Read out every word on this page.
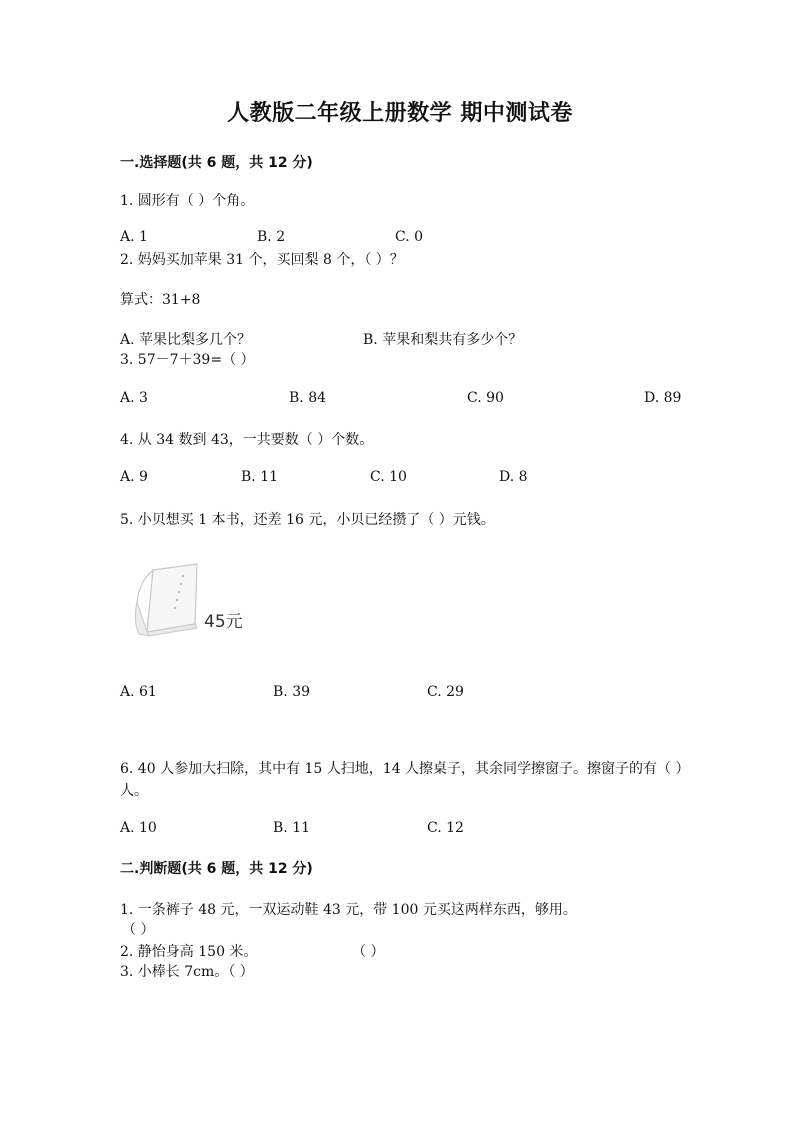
人教版二年级上册数学 期中测试卷
一.选择题(共 6 题，共 12 分)
1. 圆形有（ ）个角。
A. 1	B. 2	C. 0
2. 妈妈买加苹果 31 个，买回梨 8 个，（ ）？
算式：31+8
A. 苹果比梨多几个？	B. 苹果和梨共有多少个？
3. 57－7＋39=（ ）
A. 3	B. 84	C. 90	D. 89
4. 从 34 数到 43，一共要数（ ）个数。
A. 9	B. 11	C. 10	D. 8
5. 小贝想买 1 本书，还差 16 元，小贝已经攒了（ ）元钱。
45元
A. 61	B. 39	C. 29
6. 40 人参加大扫除，其中有 15 人扫地，14 人擦桌子，其余同学擦窗子。擦窗子的有（ ）人。
A. 10	B. 11	C. 12
二.判断题(共 6 题，共 12 分)
1. 一条裤子 48 元，一双运动鞋 43 元，带 100 元买这两样东西，够用。
（ ）
2. 静怡身高 150 米。	（ ）
3. 小棒长 7cm。（ ）
